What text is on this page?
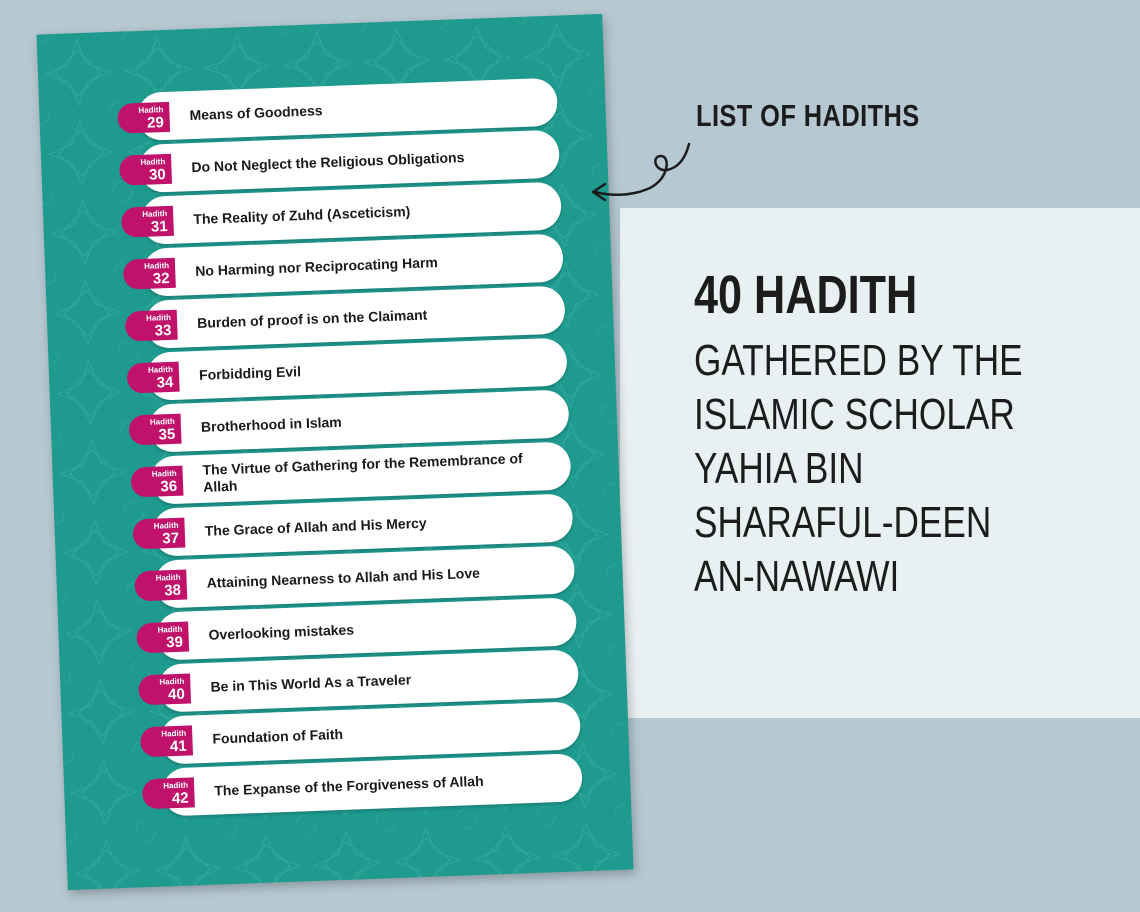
Hadith
29
Means of Goodness
Hadith
30
Do Not Neglect the Religious Obligations
Hadith
31
The Reality of Zuhd (Asceticism)
Hadith
32
No Harming nor Reciprocating Harm
Hadith
33
Burden of proof is on the Claimant
Hadith
34
Forbidding Evil
Hadith
35
Brotherhood in Islam
Hadith
36
The Virtue of Gathering for the Remembrance of Allah
Hadith
37
The Grace of Allah and His Mercy
Hadith
38
Attaining Nearness to Allah and His Love
Hadith
39
Overlooking mistakes
Hadith
40
Be in This World As a Traveler
Hadith
41
Foundation of Faith
Hadith
42
The Expanse of the Forgiveness of Allah
LIST OF HADITHS
40 HADITH
GATHERED BY THE
ISLAMIC SCHOLAR
YAHIA BIN
SHARAFUL-DEEN
AN-NAWAWI
